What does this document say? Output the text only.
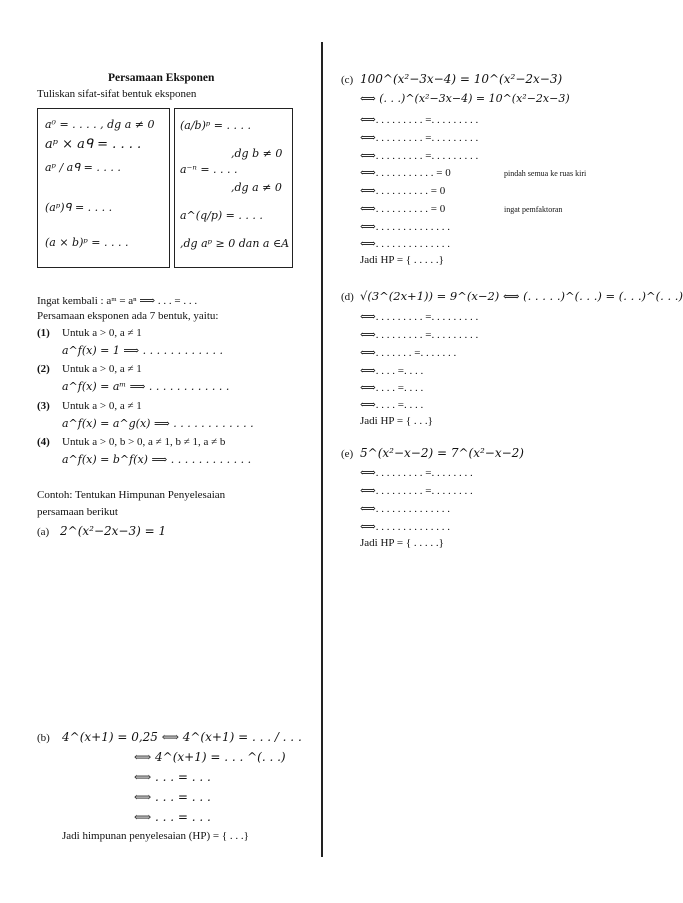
Persamaan Eksponen
Tuliskan sifat-sifat bentuk eksponen
a⁰ = . . . . , dg a ≠ 0
aᵖ × aᑫ = . . . .
aᵖ / aᑫ = . . . .
(aᵖ)ᑫ = . . . .
(a × b)ᵖ = . . . .
(a/b)ᵖ = . . . .
,dg b ≠ 0
a⁻ⁿ = . . . .
,dg a ≠ 0
a^(q/p) = . . . .
,dg aᵖ ≥ 0 dan a ∈A
Ingat kembali : aᵐ = aⁿ ⟹ . . . = . . .
Persamaan eksponen ada 7 bentuk, yaitu:
(1) Untuk a > 0, a ≠ 1
a^f(x) = 1 ⟹ . . . . . . . . . . . .
(2) Untuk a > 0, a ≠ 1
a^f(x) = aᵐ ⟹ . . . . . . . . . . . .
(3) Untuk a > 0, a ≠ 1
a^f(x) = a^g(x) ⟹ . . . . . . . . . . . .
(4) Untuk a > 0, b > 0, a ≠ 1, b ≠ 1, a ≠ b
a^f(x) = b^f(x) ⟹ . . . . . . . . . . . .
Contoh: Tentukan Himpunan Penyelesaian
persamaan berikut
(a) 2^(x²−2x−3) = 1
(b) 4^(x+1) = 0,25 ⟺ 4^(x+1) = . . . / . . .
⟺ 4^(x+1) = . . . ^(. . .)
⟺ . . . = . . .
⟺ . . . = . . .
⟺ . . . = . . .
Jadi himpunan penyelesaian (HP) = { . . .}
(c) 100^(x²−3x−4) = 10^(x²−2x−3)
⟺ (. . .)^(x²−3x−4) = 10^(x²−2x−3)
⟺. . . . . . . . . =. . . . . . . . .
⟺. . . . . . . . . =. . . . . . . . .
⟺. . . . . . . . . =. . . . . . . . .
⟺. . . . . . . . . . . = 0	pindah semua ke ruas kiri
⟺. . . . . . . . . . = 0
⟺. . . . . . . . . . = 0	ingat pemfaktoran
⟺. . . . . . . . . . . . . .
⟺. . . . . . . . . . . . . .
Jadi HP = { . . . . .}
(d) √(3^(2x+1)) = 9^(x−2) ⟺ (. . . . .)^(. . .) = (. . .)^(. . .)
⟺. . . . . . . . . =. . . . . . . . .
⟺. . . . . . . . . =. . . . . . . . .
⟺. . . . . . . =. . . . . . .
⟺. . . . =. . . .
⟺. . . . =. . . .
⟺. . . . =. . . .
Jadi HP = { . . .}
(e) 5^(x²−x−2) = 7^(x²−x−2)
⟺. . . . . . . . . =. . . . . . . .
⟺. . . . . . . . . =. . . . . . . .
⟺. . . . . . . . . . . . . .
⟺. . . . . . . . . . . . . .
Jadi HP = { . . . . .}
